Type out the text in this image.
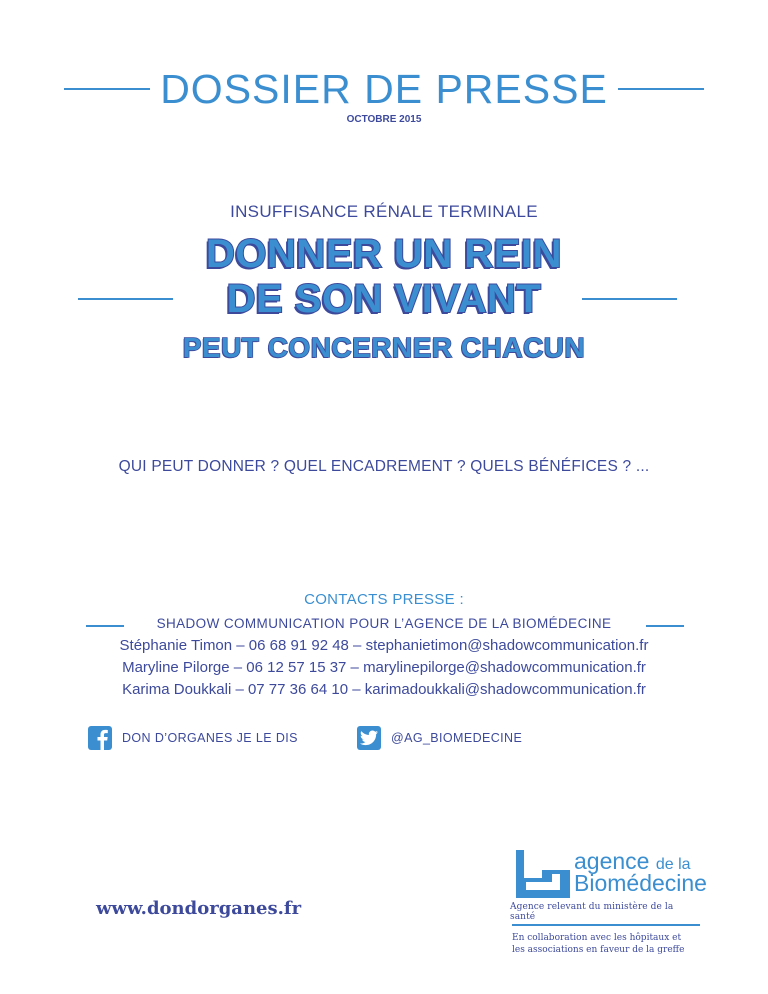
DOSSIER DE PRESSE
OCTOBRE 2015
INSUFFISANCE RÉNALE TERMINALE
DONNER UN REIN
DE SON VIVANT
PEUT CONCERNER CHACUN
QUI PEUT DONNER ? QUEL ENCADREMENT ? QUELS BÉNÉFICES ? ...
CONTACTS PRESSE :
SHADOW COMMUNICATION POUR L’AGENCE DE LA BIOMÉDECINE
Stéphanie Timon – 06 68 91 92 48 – stephanietimon@shadowcommunication.fr
Maryline Pilorge – 06 12 57 15 37 – marylinepilorge@shadowcommunication.fr
Karima Doukkali – 07 77 36 64 10 – karimadoukkali@shadowcommunication.fr
DON D’ORGANES JE LE DIS	@AG_BIOMEDECINE
www.dondorganes.fr
agence de la
Biomédecine
Agence relevant du ministère de la santé
En collaboration avec les hôpitaux et
les associations en faveur de la greffe
